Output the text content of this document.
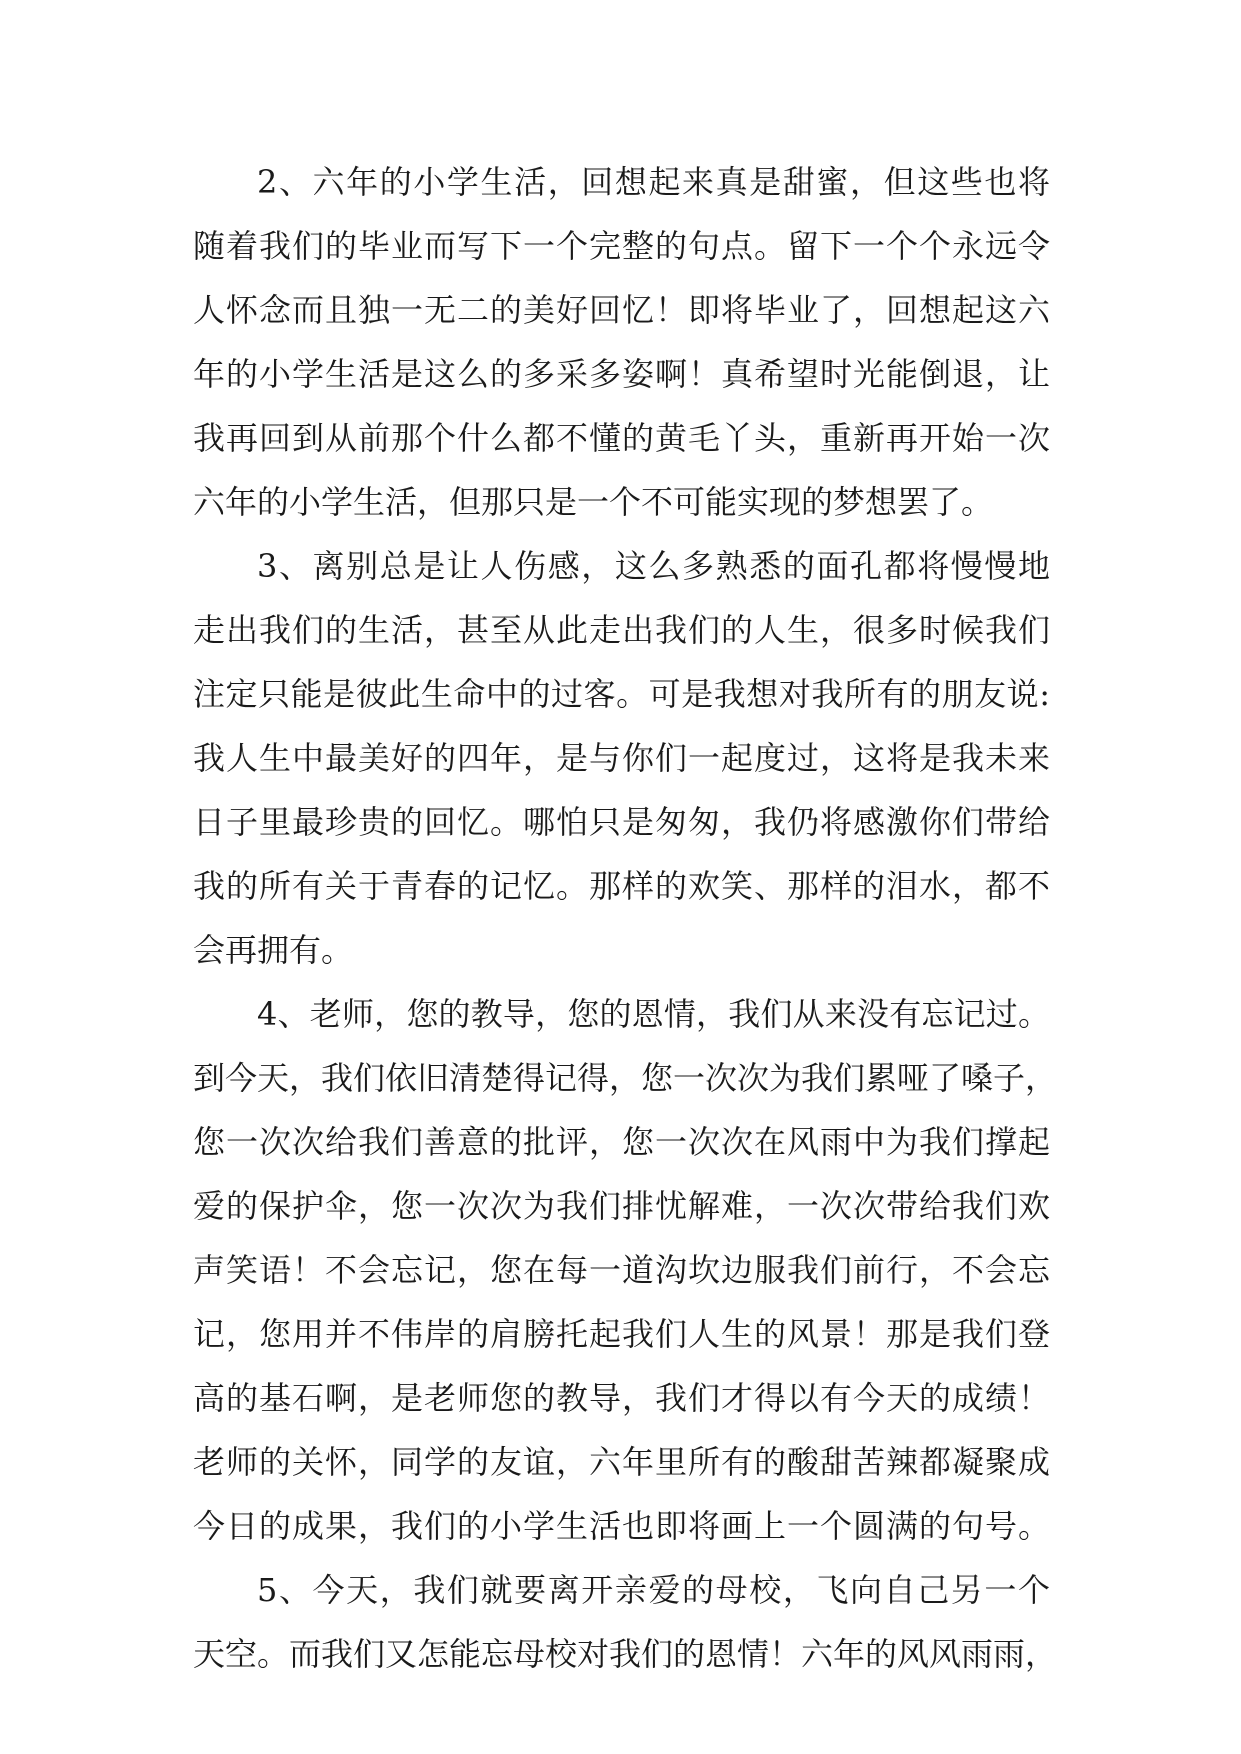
2、六年的小学生活，回想起来真是甜蜜，但这些也将
随着我们的毕业而写下一个完整的句点。留下一个个永远令
人怀念而且独一无二的美好回忆！即将毕业了，回想起这六
年的小学生活是这么的多采多姿啊！真希望时光能倒退，让
我再回到从前那个什么都不懂的黄毛丫头，重新再开始一次
六年的小学生活，但那只是一个不可能实现的梦想罢了。
3、离别总是让人伤感，这么多熟悉的面孔都将慢慢地
走出我们的生活，甚至从此走出我们的人生，很多时候我们
注定只能是彼此生命中的过客。可是我想对我所有的朋友说:
我人生中最美好的四年，是与你们一起度过，这将是我未来
日子里最珍贵的回忆。哪怕只是匆匆，我仍将感激你们带给
我的所有关于青春的记忆。那样的欢笑、那样的泪水，都不
会再拥有。
4、老师，您的教导，您的恩情，我们从来没有忘记过。
到今天，我们依旧清楚得记得，您一次次为我们累哑了嗓子，
您一次次给我们善意的批评，您一次次在风雨中为我们撑起
爱的保护伞，您一次次为我们排忧解难，一次次带给我们欢
声笑语！不会忘记，您在每一道沟坎边服我们前行，不会忘
记，您用并不伟岸的肩膀托起我们人生的风景！那是我们登
高的基石啊，是老师您的教导，我们才得以有今天的成绩！
老师的关怀，同学的友谊，六年里所有的酸甜苦辣都凝聚成
今日的成果，我们的小学生活也即将画上一个圆满的句号。
5、今天，我们就要离开亲爱的母校，飞向自己另一个
天空。而我们又怎能忘母校对我们的恩情！六年的风风雨雨，
